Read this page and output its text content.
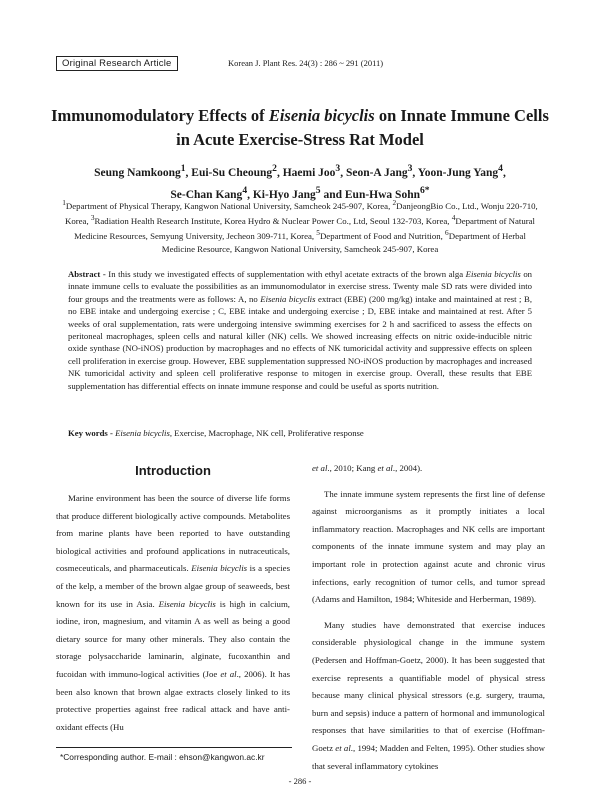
Original Research Article	Korean J. Plant Res. 24(3) : 286 ~ 291 (2011)
Immunomodulatory Effects of Eisenia bicyclis on Innate Immune Cells
in Acute Exercise-Stress Rat Model
Seung Namkoong$^1$, Eui-Su Cheoung$^2$, Haemi Joo$^3$, Seon-A Jang$^3$, Yoon-Jung Yang$^4$,
Se-Chan Kang$^4$, Ki-Hyo Jang$^5$ and Eun-Hwa Sohn$^{6*}$
$^1$Department of Physical Therapy, Kangwon National University, Samcheok 245-907, Korea, $^2$DanjeongBio Co., Ltd., Wonju 220-710, Korea, $^3$Radiation Health Research Institute, Korea Hydro & Nuclear Power Co., Ltd, Seoul 132-703, Korea, $^4$Department of Natural Medicine Resources, Semyung University, Jecheon 309-711, Korea, $^5$Department of Food and Nutrition, $^6$Department of Herbal Medicine Resource, Kangwon National University, Samcheok 245-907, Korea
Abstract - In this study we investigated effects of supplementation with ethyl acetate extracts of the brown alga Eisenia bicyclis on innate immune cells to evaluate the possibilities as an immunomodulator in exercise stress. Twenty male SD rats were divided into four groups and the treatments were as follows: A, no Eisenia bicyclis extract (EBE) (200 mg/kg) intake and maintained at rest ; B, no EBE intake and undergoing exercise ; C, EBE intake and undergoing exercise ; D, EBE intake and maintained at rest. After 5 weeks of oral supplementation, rats were undergoing intensive swimming exercises for 2 h and sacrificed to assess the effects on peritoneal macrophages, spleen cells and natural killer (NK) cells. We showed increasing effects on nitric oxide-inducible nitric oxide synthase (NO-iNOS) production by macrophages and no effects of NK tumoricidal activity and suppressive effects on spleen cell proliferation in exercise group. However, EBE supplementation suppressed NO-iNOS production by macrophages and increased NK tumoricidal activity and spleen cell proliferative response to mitogen in exercise group. Overall, these results that EBE supplementation has differential effects on innate immune response and could be useful as sports nutrition.
Key words - Eisenia bicyclis, Exercise, Macrophage, NK cell, Proliferative response
Introduction

Marine environment has been the source of diverse life forms that produce different biologically active compounds. Metabolites from marine plants have been reported to have outstanding biological activities and profound applications in nutraceuticals, cosmeceuticals, and pharmaceuticals. Eisenia bicyclis is a species of the kelp, a member of the brown algae group of seaweeds, best known for its use in Asia. Eisenia bicyclis is high in calcium, iodine, iron, magnesium, and vitamin A as well as being a good dietary source for many other minerals. They also contain the storage polysaccharide laminarin, alginate, fucoxanthin and fucoidan with immuno-logical activities (Joe et al., 2006). It has been also known that brown algae extracts closely linked to its protective properties against free radical attack and have anti-oxidant effects (Hu

et al., 2010; Kang et al., 2004).

The innate immune system represents the first line of defense against microorganisms as it promptly initiates a local inflammatory reaction. Macrophages and NK cells are important components of the innate immune system and may play an important role in protection against acute and chronic virus infections, early recognition of tumor cells, and tumor spread (Adams and Hamilton, 1984; Whiteside and Herberman, 1989).

Many studies have demonstrated that exercise induces considerable physiological change in the immune system (Pedersen and Hoffman-Goetz, 2000). It has been suggested that exercise represents a quantifiable model of physical stress because many clinical physical stressors (e.g. surgery, trauma, burn and sepsis) induce a pattern of hormonal and immunological responses that have similarities to that of exercise (Hoffman-Goetz et al., 1994; Madden and Felten, 1995). Other studies show that several inflammatory cytokines

*Corresponding author. E-mail : ehson@kangwon.ac.kr
- 286 -
